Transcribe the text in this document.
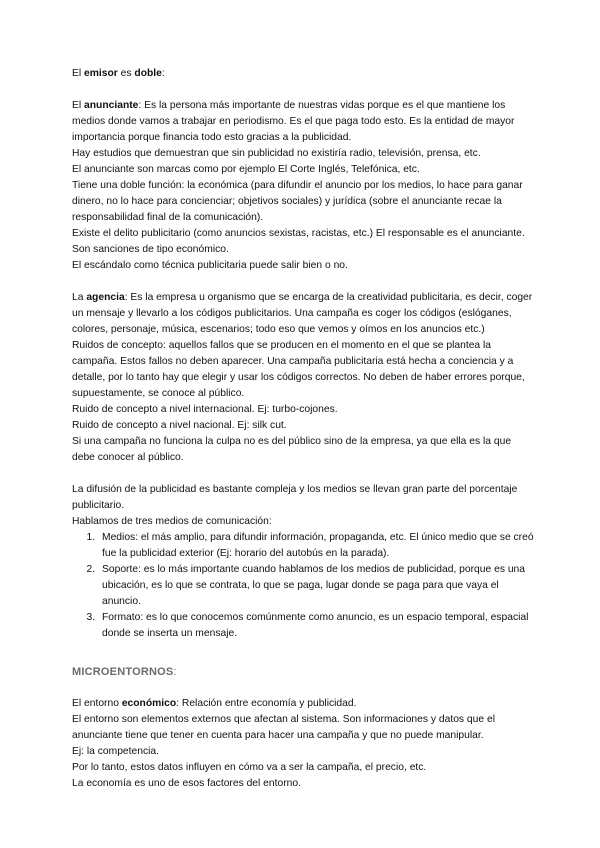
El emisor es doble:

El anunciante: Es la persona más importante de nuestras vidas porque es el que mantiene los medios donde vamos a trabajar en periodismo. Es el que paga todo esto. Es la entidad de mayor importancia porque financia todo esto gracias a la publicidad.

Hay estudios que demuestran que sin publicidad no existiría radio, televisión, prensa, etc.

El anunciante son marcas como por ejemplo El Corte Inglés, Telefónica, etc.

Tiene una doble función: la económica (para difundir el anuncio por los medios, lo hace para ganar dinero, no lo hace para concienciar; objetivos sociales) y jurídica (sobre el anunciante recae la responsabilidad final de la comunicación).

Existe el delito publicitario (como anuncios sexistas, racistas, etc.) El responsable es el anunciante. Son sanciones de tipo económico.

El escándalo como técnica publicitaria puede salir bien o no.

La agencia: Es la empresa u organismo que se encarga de la creatividad publicitaria, es decir, coger un mensaje y llevarlo a los códigos publicitarios. Una campaña es coger los códigos (eslóganes, colores, personaje, música, escenarios; todo eso que vemos y oímos en los anuncios etc.)

Ruidos de concepto: aquellos fallos que se producen en el momento en el que se plantea la campaña. Estos fallos no deben aparecer. Una campaña publicitaria está hecha a conciencia y a detalle, por lo tanto hay que elegir y usar los códigos correctos. No deben de haber errores porque, supuestamente, se conoce al público.

Ruido de concepto a nivel internacional. Ej: turbo-cojones.

Ruido de concepto a nivel nacional. Ej: silk cut.

Si una campaña no funciona la culpa no es del público sino de la empresa, ya que ella es la que debe conocer al público.

La difusión de la publicidad es bastante compleja y los medios se llevan gran parte del porcentaje publicitario.

Hablamos de tres medios de comunicación:

1. Medios: el más amplio, para difundir información, propaganda, etc. El único medio que se creó fue la publicidad exterior (Ej: horario del autobús en la parada).
2. Soporte: es lo más importante cuando hablamos de los medios de publicidad, porque es una ubicación, es lo que se contrata, lo que se paga, lugar donde se paga para que vaya el anuncio.
3. Formato: es lo que conocemos comúnmente como anuncio, es un espacio temporal, espacial donde se inserta un mensaje.

MICROENTORNOS:

El entorno económico: Relación entre economía y publicidad.

El entorno son elementos externos que afectan al sistema. Son informaciones y datos que el anunciante tiene que tener en cuenta para hacer una campaña y que no puede manipular.

Ej: la competencia.

Por lo tanto, estos datos influyen en cómo va a ser la campaña, el precio, etc.

La economía es uno de esos factores del entorno.
